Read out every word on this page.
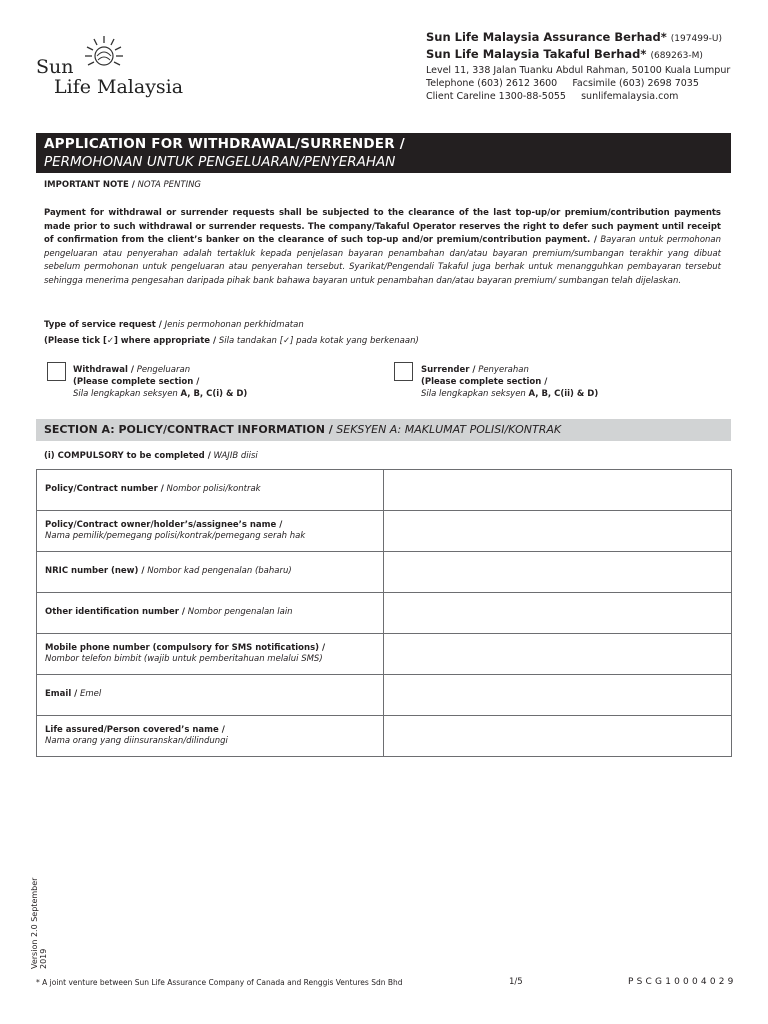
Sun
Life Malaysia
Sun Life Malaysia Assurance Berhad* (197499-U)
Sun Life Malaysia Takaful Berhad* (689263-M)
Level 11, 338 Jalan Tuanku Abdul Rahman, 50100 Kuala Lumpur
Telephone (603) 2612 3600 Facsimile (603) 2698 7035
Client Careline 1300-88-5055 sunlifemalaysia.com
APPLICATION FOR WITHDRAWAL/SURRENDER /
PERMOHONAN UNTUK PENGELUARAN/PENYERAHAN
IMPORTANT NOTE / NOTA PENTING
Payment for withdrawal or surrender requests shall be subjected to the clearance of the last top-up/or premium/contribution payments made prior to such withdrawal or surrender requests. The company/Takaful Operator reserves the right to defer such payment until receipt of confirmation from the client’s banker on the clearance of such top-up and/or premium/contribution payment. / Bayaran untuk permohonan pengeluaran atau penyerahan adalah tertakluk kepada penjelasan bayaran penambahan dan/atau bayaran premium/sumbangan terakhir yang dibuat sebelum permohonan untuk pengeluaran atau penyerahan tersebut. Syarikat/Pengendali Takaful juga berhak untuk menangguhkan pembayaran tersebut sehingga menerima pengesahan daripada pihak bank bahawa bayaran untuk penambahan dan/atau bayaran premium/ sumbangan telah dijelaskan.
Type of service request / Jenis permohonan perkhidmatan
(Please tick [✓] where appropriate / Sila tandakan [✓] pada kotak yang berkenaan)
Withdrawal / Pengeluaran
(Please complete section /
Sila lengkapkan seksyen A, B, C(i) & D)
Surrender / Penyerahan
(Please complete section /
Sila lengkapkan seksyen A, B, C(ii) & D)
SECTION A: POLICY/CONTRACT INFORMATION / SEKSYEN A: MAKLUMAT POLISI/KONTRAK
(i) COMPULSORY to be completed / WAJIB diisi
Policy/Contract number / Nombor polisi/kontrak	
Policy/Contract owner/holder’s/assignee’s name /
Nama pemilik/pemegang polisi/kontrak/pemegang serah hak	
NRIC number (new) / Nombor kad pengenalan (baharu)	
Other identification number / Nombor pengenalan lain	
Mobile phone number (compulsory for SMS notifications) /
Nombor telefon bimbit (wajib untuk pemberitahuan melalui SMS)	
Email / Emel	
Life assured/Person covered’s name /
Nama orang yang diinsuranskan/dilindungi	
Version 2.0 September 2019
* A joint venture between Sun Life Assurance Company of Canada and Renggis Ventures Sdn Bhd	1/5	PSCG10004029
